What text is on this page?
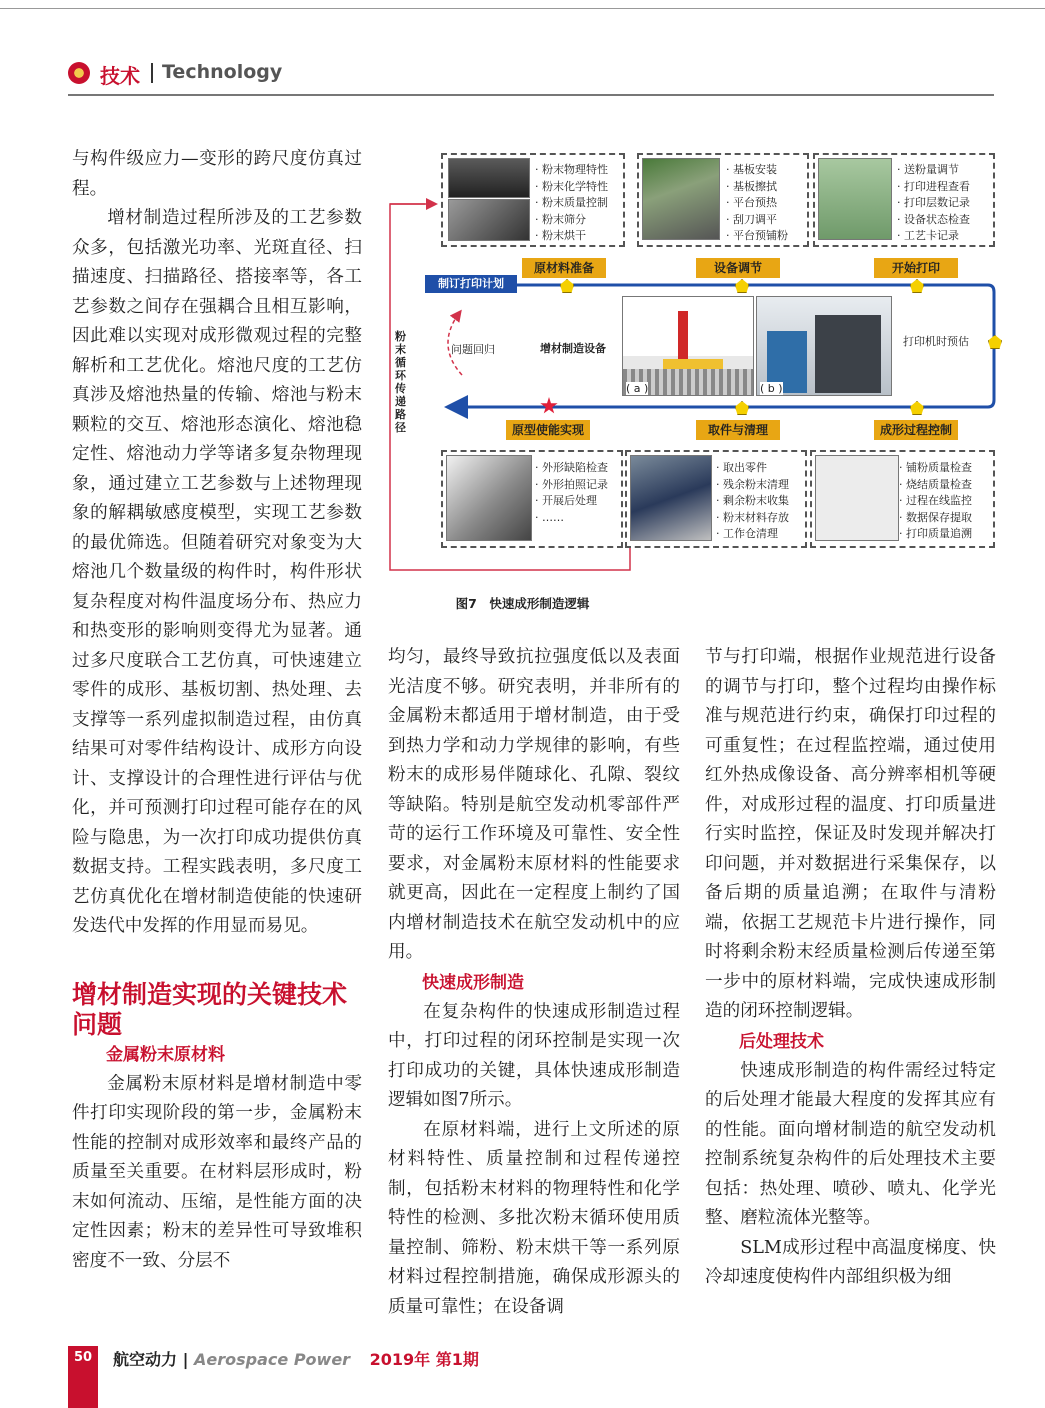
技术 Technology

与构件级应力—变形的跨尺度仿真过程。

增材制造过程所涉及的工艺参数众多，包括激光功率、光斑直径、扫描速度、扫描路径、搭接率等，各工艺参数之间存在强耦合且相互影响，因此难以实现对成形微观过程的完整解析和工艺优化。熔池尺度的工艺仿真涉及熔池热量的传输、熔池与粉末颗粒的交互、熔池形态演化、熔池稳定性、熔池动力学等诸多复杂物理现象，通过建立工艺参数与上述物理现象的解耦敏感度模型，实现工艺参数的最优筛选。但随着研究对象变为大熔池几个数量级的构件时，构件形状复杂程度对构件温度场分布、热应力和热变形的影响则变得尤为显著。通过多尺度联合工艺仿真，可快速建立零件的成形、基板切割、热处理、去支撑等一系列虚拟制造过程，由仿真结果可对零件结构设计、成形方向设计、支撑设计的合理性进行评估与优化，并可预测打印过程可能存在的风险与隐患，为一次打印成功提供仿真数据支持。工程实践表明，多尺度工艺仿真优化在增材制造使能的快速研发迭代中发挥的作用显而易见。

增材制造实现的关键技术问题
金属粉末原材料

金属粉末原材料是增材制造中零件打印实现阶段的第一步，金属粉末性能的控制对成形效率和最终产品的质量至关重要。在材料层形成时，粉末如何流动、压缩，是性能方面的决定性因素；粉末的差异性可导致堆积密度不一致、分层不

· 粉末物理特性
· 粉末化学特性
· 粉末质量控制
· 粉末筛分
· 粉末烘干
· 基板安装
· 基板擦拭
· 平台预热
· 刮刀调平
· 平台预铺粉
· 送粉量调节
· 打印进程查看
· 打印层数记录
· 设备状态检查
· 工艺卡记录
原材料准备	设备调节	开始打印
原型使能实现	取件与清理	成形过程控制
制订打印计划
问题回归	增材制造设备
打印机时预估
粉末循环传递路径
( a )	( b )
· 外形缺陷检查
· 外形拍照记录
· 开展后处理
· ……
· 取出零件
· 残余粉末清理
· 剩余粉末收集
· 粉末材料存放
· 工作仓清理
· 铺粉质量检查
· 烧结质量检查
· 过程在线监控
· 数据保存提取
· 打印质量追溯
图7　快速成形制造逻辑

均匀，最终导致抗拉强度低以及表面光洁度不够。研究表明，并非所有的金属粉末都适用于增材制造，由于受到热力学和动力学规律的影响，有些粉末的成形易伴随球化、孔隙、裂纹等缺陷。特别是航空发动机零部件严苛的运行工作环境及可靠性、安全性要求，对金属粉末原材料的性能要求就更高，因此在一定程度上制约了国内增材制造技术在航空发动机中的应用。

快速成形制造

在复杂构件的快速成形制造过程中，打印过程的闭环控制是实现一次打印成功的关键，具体快速成形制造逻辑如图7所示。

在原材料端，进行上文所述的原材料特性、质量控制和过程传递控制，包括粉末材料的物理特性和化学特性的检测、多批次粉末循环使用质量控制、筛粉、粉末烘干等一系列原材料过程控制措施，确保成形源头的质量可靠性；在设备调

节与打印端，根据作业规范进行设备的调节与打印，整个过程均由操作标准与规范进行约束，确保打印过程的可重复性；在过程监控端，通过使用红外热成像设备、高分辨率相机等硬件，对成形过程的温度、打印质量进行实时监控，保证及时发现并解决打印问题，并对数据进行采集保存，以备后期的质量追溯；在取件与清粉端，依据工艺规范卡片进行操作，同时将剩余粉末经质量检测后传递至第一步中的原材料端，完成快速成形制造的闭环控制逻辑。

后处理技术

快速成形制造的构件需经过特定的后处理才能最大程度的发挥其应有的性能。面向增材制造的航空发动机控制系统复杂构件的后处理技术主要包括：热处理、喷砂、喷丸、化学光整、磨粒流体光整等。

SLM成形过程中高温度梯度、快冷却速度使构件内部组织极为细

50 航空动力 | Aerospace Power 2019年 第1期
